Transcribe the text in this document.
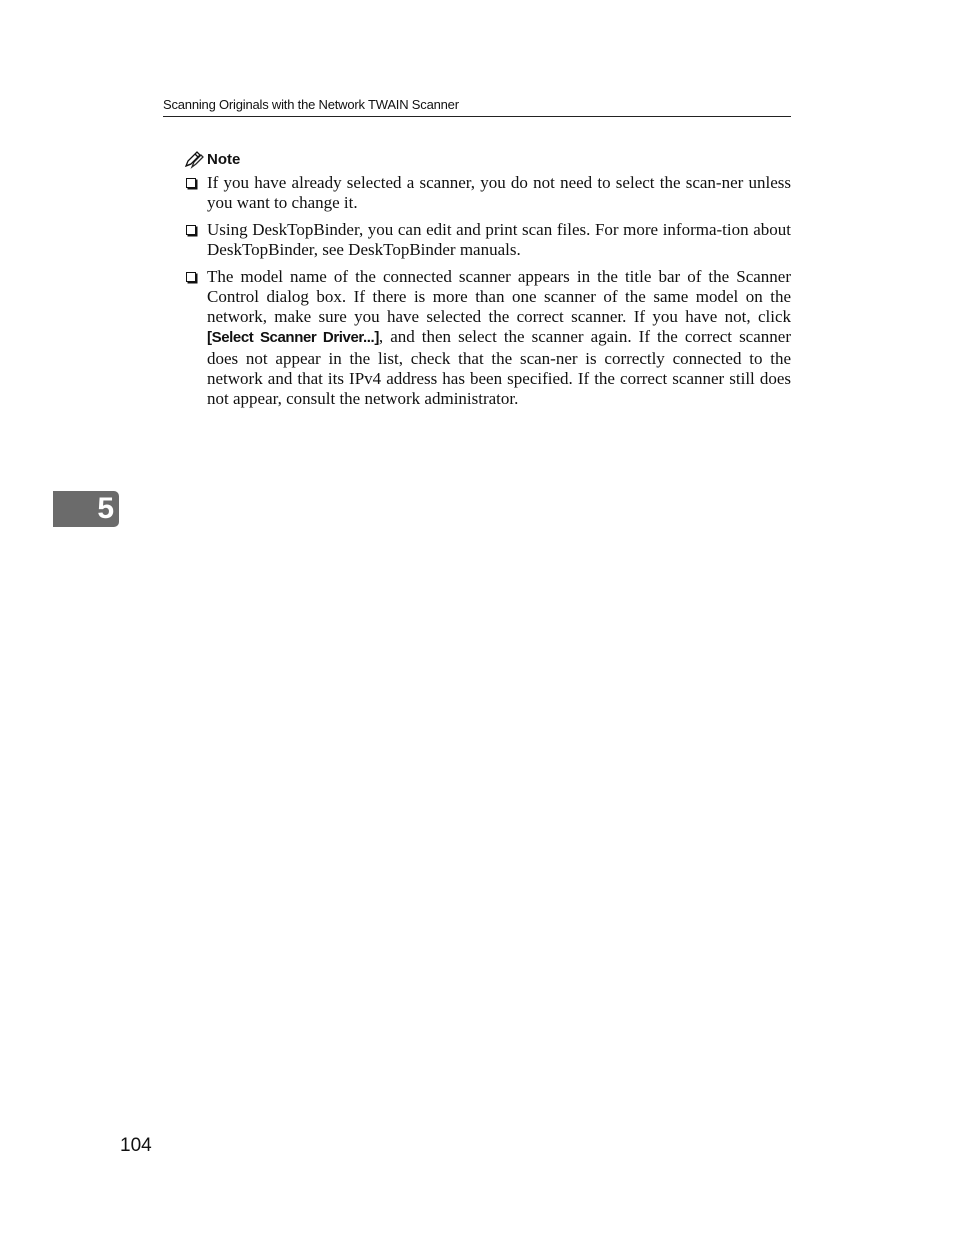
Scanning Originals with the Network TWAIN Scanner
Note
If you have already selected a scanner, you do not need to select the scan-ner unless you want to change it.
Using DeskTopBinder, you can edit and print scan files. For more informa-tion about DeskTopBinder, see DeskTopBinder manuals.
The model name of the connected scanner appears in the title bar of the Scanner Control dialog box. If there is more than one scanner of the same model on the network, make sure you have selected the correct scanner. If you have not, click [Select Scanner Driver...], and then select the scanner again. If the correct scanner does not appear in the list, check that the scan-ner is correctly connected to the network and that its IPv4 address has been specified. If the correct scanner still does not appear, consult the network administrator.
5
104
